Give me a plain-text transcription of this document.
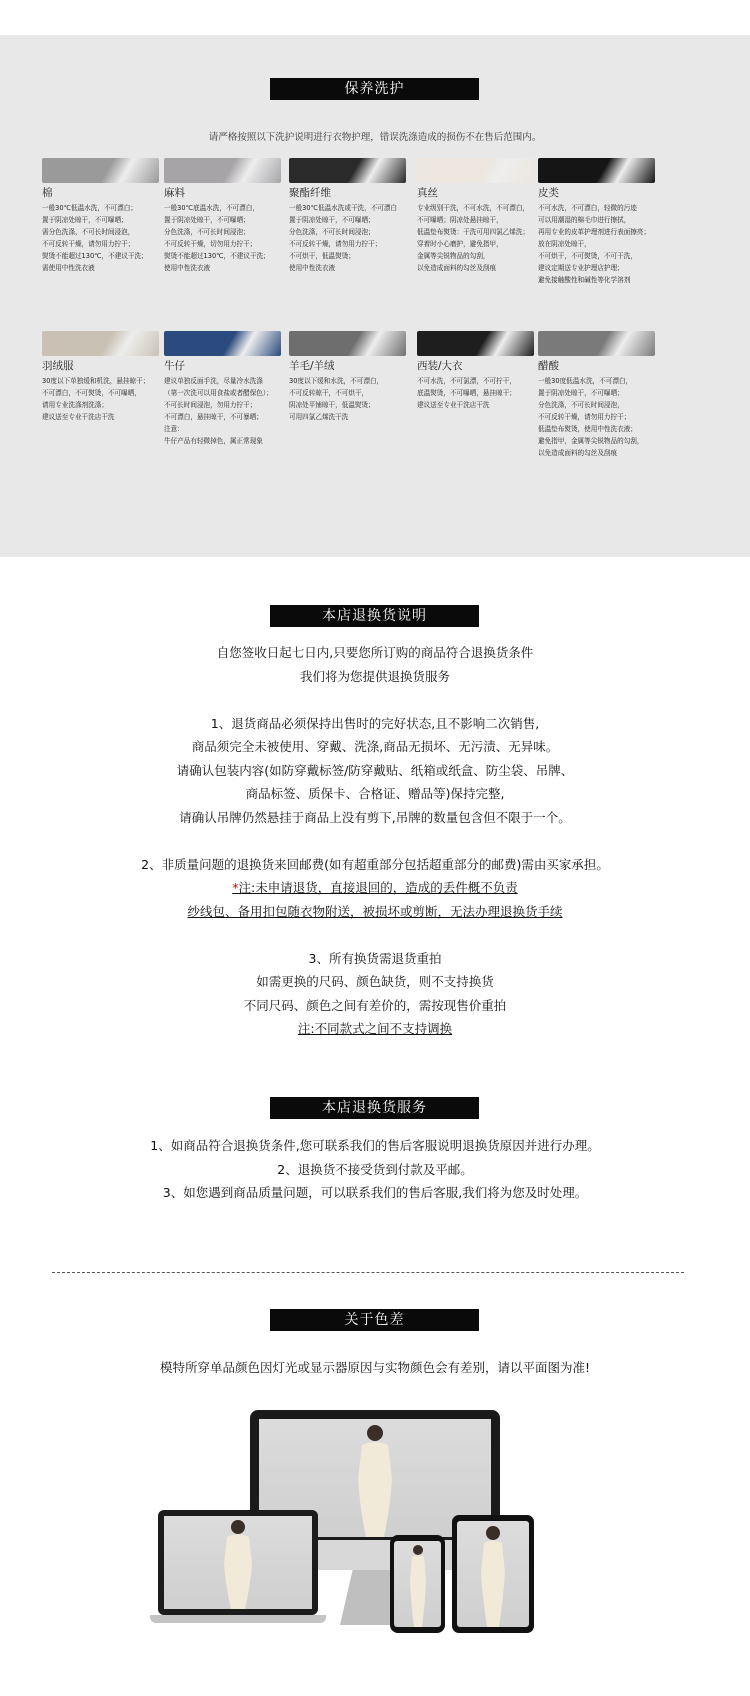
保养洗护
请严格按照以下洗护说明进行衣物护理，错误洗涤造成的损伤不在售后范围内。
棉
一般30℃低温水洗，不可漂白；
置于阴凉处晾干，不可曝晒；
需分色洗涤，不可长时间浸泡，
不可反转干燥，请勿用力拧干；
熨烫不能超过130℃，不建议干洗；
需使用中性洗衣液
麻料
一般30℃底温水洗，不可漂白，
置于阴凉处晾干，不可曝晒；
分色洗涤，不可长时间浸泡；
不可反转干燥，切勿用力拧干；
熨烫不能超过130℃，不建议干洗；
使用中性洗衣液
聚酯纤维
一般30℃低温水洗或干洗，不可漂白
置于阴凉处晾干，不可曝晒；
分色洗涤，不可长时间浸泡；
不可反转干燥，请勿用力拧干；
不可烘干，低温熨烫；
使用中性洗衣液
真丝
专业级别干洗，不可水洗，不可漂白，
不可曝晒；阴凉处悬挂晾干，
低温垫布熨烫：干洗可用四氯乙烯洗；
穿着时小心磨护，避免指甲，
金属等尖锐物品的勾刮，
以免造成面料的勾丝及刮痕
皮类
不可水洗，不可漂白，轻微的污迹
可以用潮湿的棉毛巾进行擦拭，
再用专业的皮革护理剂进行表面擦亮；
放在阴凉处晾干，
不可烘干，不可熨烫，不可干洗，
建议定期送专业护理店护理；
避免接触酸性和碱性等化学溶剂
羽绒服
30度以下单独缓和机洗，悬挂晾干；
不可漂白，不可熨烫，不可曝晒，
请用专业洗涤剂洗涤；
建议送至专业干洗店干洗
牛仔
建议单独反面手洗，尽量冷水洗涤
（第一次洗可以用食盐或者醋保色）；
不可长时间浸泡，勿用力拧干；
不可漂白，悬挂晾干，不可暴晒；
注意：
牛仔产品有轻微掉色，属正常现象
羊毛/羊绒
30度以下缓和水洗，不可漂白，
不可反转晾干，不可烘干，
阴凉处平铺晾干，低温熨烫；
可用四氯乙烯洗干洗
西装/大衣
不可水洗，不可氯漂，不可拧干，
底温熨烫，不可曝晒，悬挂晾干；
建议送至专业干洗店干洗
醋酸
一般30度低温水洗，不可漂白，
置于阴凉处晾干，不可曝晒；
分色洗涤，不可长时间浸泡，
不可反转干燥，请勿用力拧干；
低温垫布熨烫，使用中性洗衣液；
避免指甲，金属等尖锐物品的勾刮，
以免造成面料的勾丝及刮痕
本店退换货说明

自您签收日起七日内,只要您所订购的商品符合退换货条件

我们将为您提供退换货服务

1、退货商品必须保持出售时的完好状态,且不影响二次销售,

商品须完全未被使用、穿戴、洗涤,商品无损坏、无污渍、无异味。

请确认包装内容(如防穿戴标签/防穿戴贴、纸箱或纸盒、防尘袋、吊牌、

商品标签、质保卡、合格证、赠品等)保持完整,

请确认吊牌仍然悬挂于商品上没有剪下,吊牌的数量包含但不限于一个。

2、非质量问题的退换货来回邮费(如有超重部分包括超重部分的邮费)需由买家承担。

*注:未申请退货，直接退回的，造成的丢件概不负责

纱线包、备用扣包随衣物附送，被损坏或剪断，无法办理退换货手续

3、所有换货需退货重拍

如需更换的尺码、颜色缺货，则不支持换货

不同尺码、颜色之间有差价的，需按现售价重拍

注:不同款式之间不支持调换

本店退换货服务

1、如商品符合退换货条件,您可联系我们的售后客服说明退换货原因并进行办理。

2、退换货不接受货到付款及平邮。

3、如您遇到商品质量问题，可以联系我们的售后客服,我们将为您及时处理。

关于色差

模特所穿单品颜色因灯光或显示器原因与实物颜色会有差别，请以平面图为准!
